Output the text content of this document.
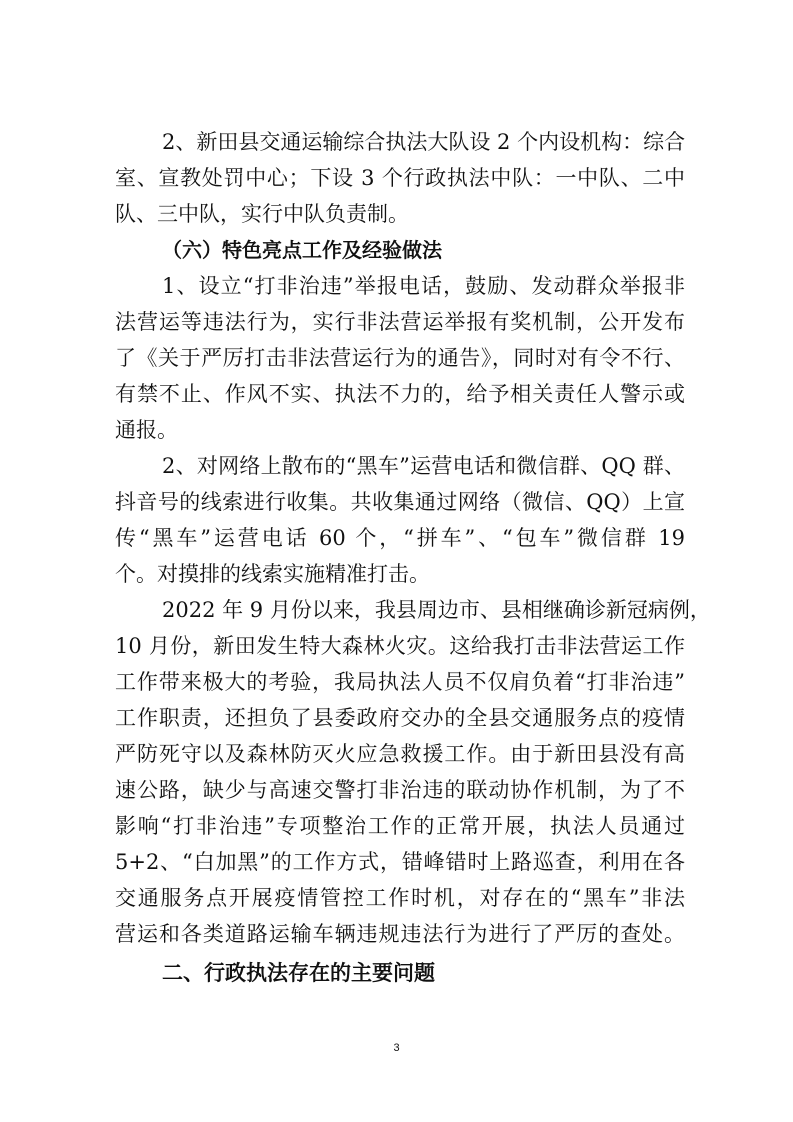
2、新田县交通运输综合执法大队设 2 个内设机构：综合
室、宣教处罚中心；下设 3 个行政执法中队：一中队、二中
队、三中队，实行中队负责制。
（六）特色亮点工作及经验做法
1、设立“打非治违”举报电话，鼓励、发动群众举报非
法营运等违法行为，实行非法营运举报有奖机制，公开发布
了《关于严厉打击非法营运行为的通告》，同时对有令不行、
有禁不止、作风不实、执法不力的，给予相关责任人警示或
通报。
2、对网络上散布的“黑车”运营电话和微信群、QQ 群、
抖音号的线索进行收集。共收集通过网络（微信、QQ）上宣
传“黑车”运营电话 60 个，“拼车”、“包车”微信群 19
个。对摸排的线索实施精准打击。
2022 年 9 月份以来，我县周边市、县相继确诊新冠病例，
10 月份，新田发生特大森林火灾。这给我打击非法营运工作
工作带来极大的考验，我局执法人员不仅肩负着“打非治违”
工作职责，还担负了县委政府交办的全县交通服务点的疫情
严防死守以及森林防灭火应急救援工作。由于新田县没有高
速公路，缺少与高速交警打非治违的联动协作机制，为了不
影响“打非治违”专项整治工作的正常开展，执法人员通过
5+2、“白加黑”的工作方式，错峰错时上路巡查，利用在各
交通服务点开展疫情管控工作时机，对存在的“黑车”非法
营运和各类道路运输车辆违规违法行为进行了严厉的查处。
二、行政执法存在的主要问题
3
